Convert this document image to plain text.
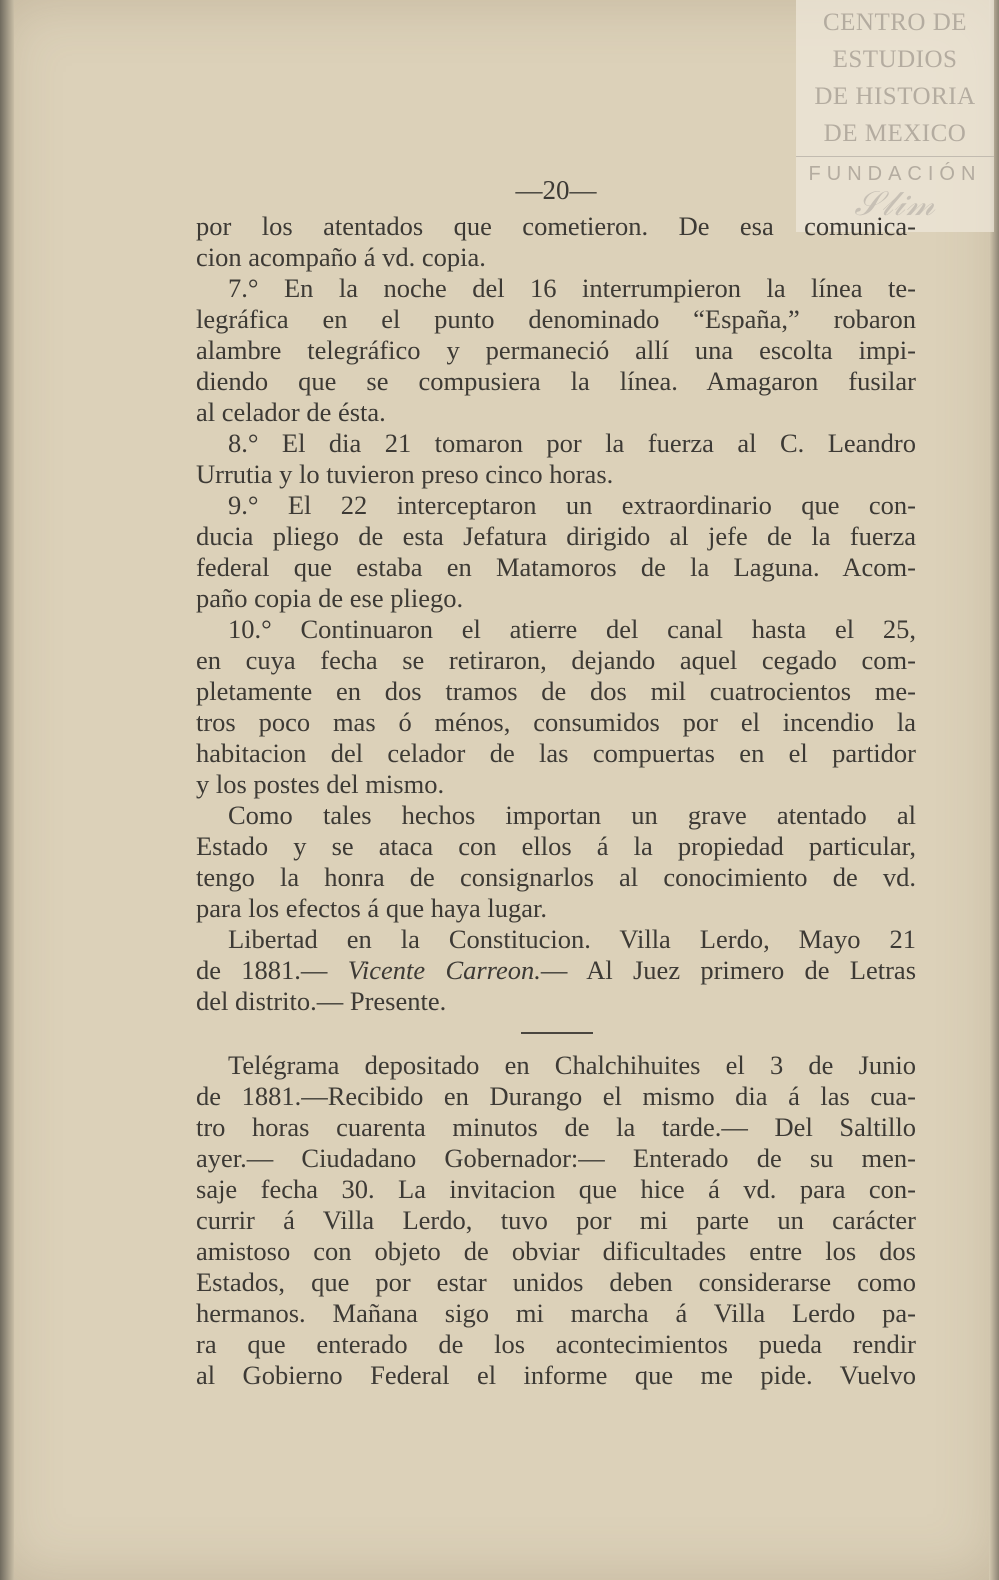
CENTRO DE
ESTUDIOS
DE HISTORIA
DE MEXICO
FUNDACIÓN
𝒮𝓁𝒾𝓂
—20—
por los atentados que cometieron. De esa comunica-
cion acompaño á vd. copia.
7.° En la noche del 16 interrumpieron la línea te-
legráfica en el punto denominado “España,” robaron
alambre telegráfico y permaneció allí una escolta impi-
diendo que se compusiera la línea. Amagaron fusilar
al celador de ésta.
8.° El dia 21 tomaron por la fuerza al C. Leandro
Urrutia y lo tuvieron preso cinco horas.
9.° El 22 interceptaron un extraordinario que con-
ducia pliego de esta Jefatura dirigido al jefe de la fuerza
federal que estaba en Matamoros de la Laguna. Acom-
paño copia de ese pliego.
10.° Continuaron el atierre del canal hasta el 25,
en cuya fecha se retiraron, dejando aquel cegado com-
pletamente en dos tramos de dos mil cuatrocientos me-
tros poco mas ó ménos, consumidos por el incendio la
habitacion del celador de las compuertas en el partidor
y los postes del mismo.
Como tales hechos importan un grave atentado al
Estado y se ataca con ellos á la propiedad particular,
tengo la honra de consignarlos al conocimiento de vd.
para los efectos á que haya lugar.
Libertad en la Constitucion. Villa Lerdo, Mayo 21
de 1881.— Vicente Carreon.— Al Juez primero de Letras
del distrito.— Presente.
Telégrama depositado en Chalchihuites el 3 de Junio
de 1881.—Recibido en Durango el mismo dia á las cua-
tro horas cuarenta minutos de la tarde.— Del Saltillo
ayer.— Ciudadano Gobernador:— Enterado de su men-
saje fecha 30. La invitacion que hice á vd. para con-
currir á Villa Lerdo, tuvo por mi parte un carácter
amistoso con objeto de obviar dificultades entre los dos
Estados, que por estar unidos deben considerarse como
hermanos. Mañana sigo mi marcha á Villa Lerdo pa-
ra que enterado de los acontecimientos pueda rendir
al Gobierno Federal el informe que me pide. Vuelvo
